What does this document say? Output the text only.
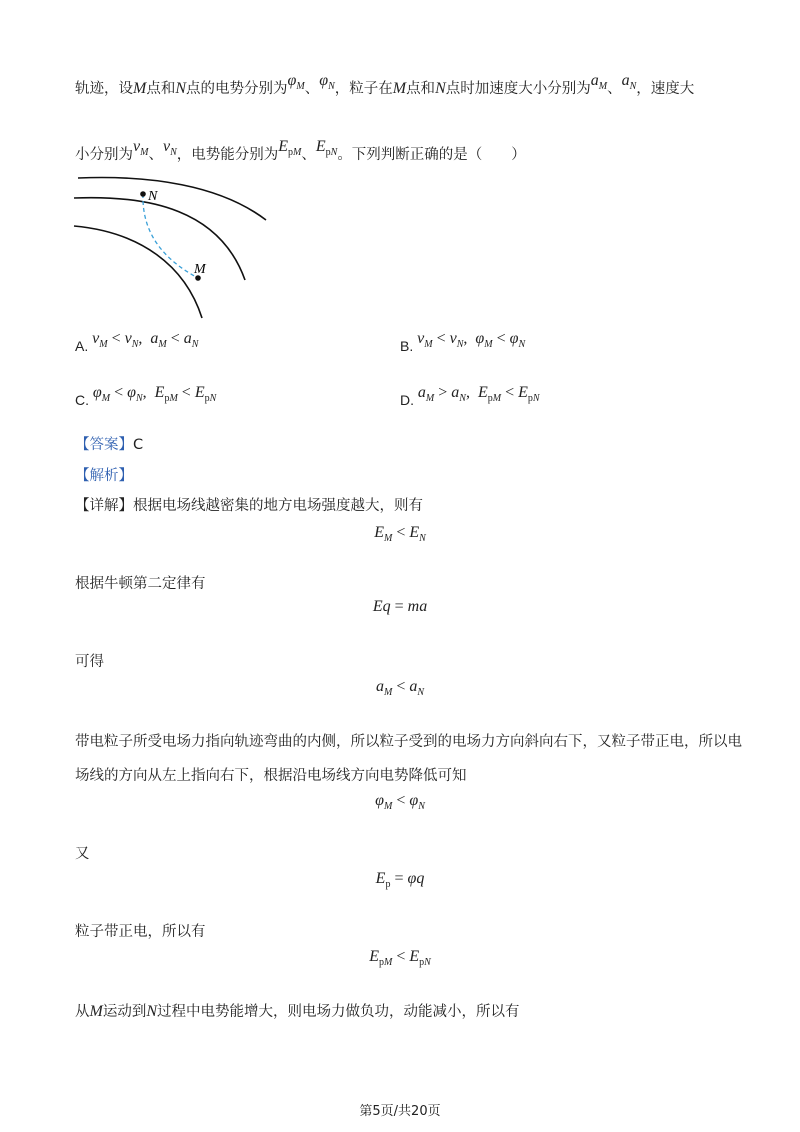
轨迹，设M点和N点的电势分别为$\varphi_M$、$\varphi_N$，粒子在M点和N点时加速度大小分别为$a_M$、$a_N$，速度大
小分别为$v_M$、$v_N$，电势能分别为$E_{pM}$、$E_{pN}$。下列判断正确的是（　　）
N
M
A. $v_M < v_N$, $a_M < a_N$	B. $v_M < v_N$, $\varphi_M < \varphi_N$
C. $\varphi_M < \varphi_N$, $E_{pM} < E_{pN}$	D. $a_M > a_N$, $E_{pM} < E_{pN}$
【答案】C
【解析】
【详解】根据电场线越密集的地方电场强度越大，则有
$E_M < E_N$
根据牛顿第二定律有
Eq = ma
可得
$a_M < a_N$
带电粒子所受电场力指向轨迹弯曲的内侧，所以粒子受到的电场力方向斜向右下，又粒子带正电，所以电
场线的方向从左上指向右下，根据沿电场线方向电势降低可知
$\varphi_M < \varphi_N$
又
$E_p = \varphi q$
粒子带正电，所以有
$E_{pM} < E_{pN}$
从M运动到N过程中电势能增大，则电场力做负功，动能减小，所以有
第5页/共20页
